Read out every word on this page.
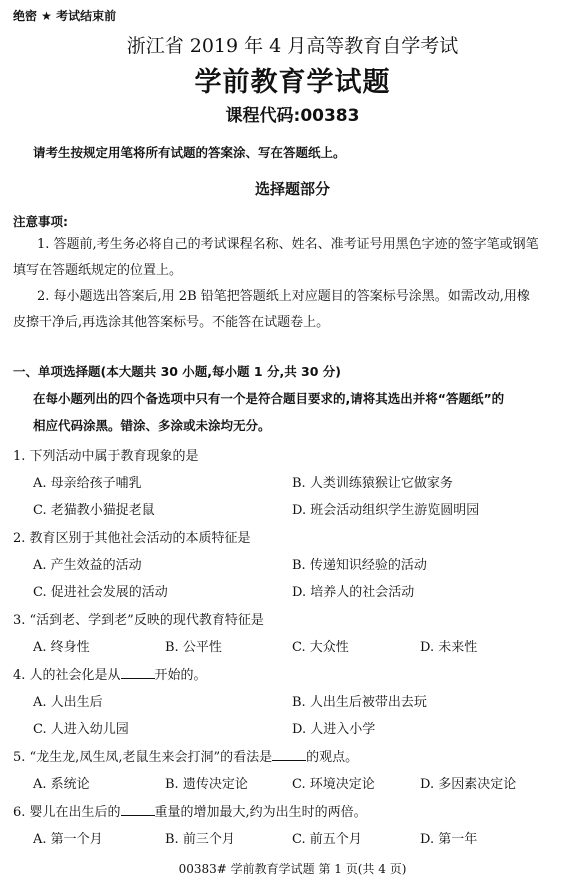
绝密 ★ 考试结束前
浙江省 2019 年 4 月高等教育自学考试
学前教育学试题
课程代码:00383
请考生按规定用笔将所有试题的答案涂、写在答题纸上。
选择题部分
注意事项:
1. 答题前,考生务必将自己的考试课程名称、姓名、准考证号用黑色字迹的签字笔或钢笔
填写在答题纸规定的位置上。
2. 每小题选出答案后,用 2B 铅笔把答题纸上对应题目的答案标号涂黑。如需改动,用橡
皮擦干净后,再选涂其他答案标号。不能答在试题卷上。
一、单项选择题(本大题共 30 小题,每小题 1 分,共 30 分)
在每小题列出的四个备选项中只有一个是符合题目要求的,请将其选出并将“答题纸”的
相应代码涂黑。错涂、多涂或未涂均无分。
1. 下列活动中属于教育现象的是
A. 母亲给孩子哺乳	B. 人类训练猿猴让它做家务
C. 老猫教小猫捉老鼠	D. 班会活动组织学生游览圆明园
2. 教育区别于其他社会活动的本质特征是
A. 产生效益的活动	B. 传递知识经验的活动
C. 促进社会发展的活动	D. 培养人的社会活动
3. “活到老、学到老”反映的现代教育特征是
A. 终身性	B. 公平性	C. 大众性	D. 未来性
4. 人的社会化是从	开始的。
A. 人出生后	B. 人出生后被带出去玩
C. 人进入幼儿园	D. 人进入小学
5. “龙生龙,凤生凤,老鼠生来会打洞”的看法是	的观点。
A. 系统论	B. 遗传决定论	C. 环境决定论	D. 多因素决定论
6. 婴儿在出生后的	重量的增加最大,约为出生时的两倍。
A. 第一个月	B. 前三个月	C. 前五个月	D. 第一年
00383# 学前教育学试题 第 1 页(共 4 页)
